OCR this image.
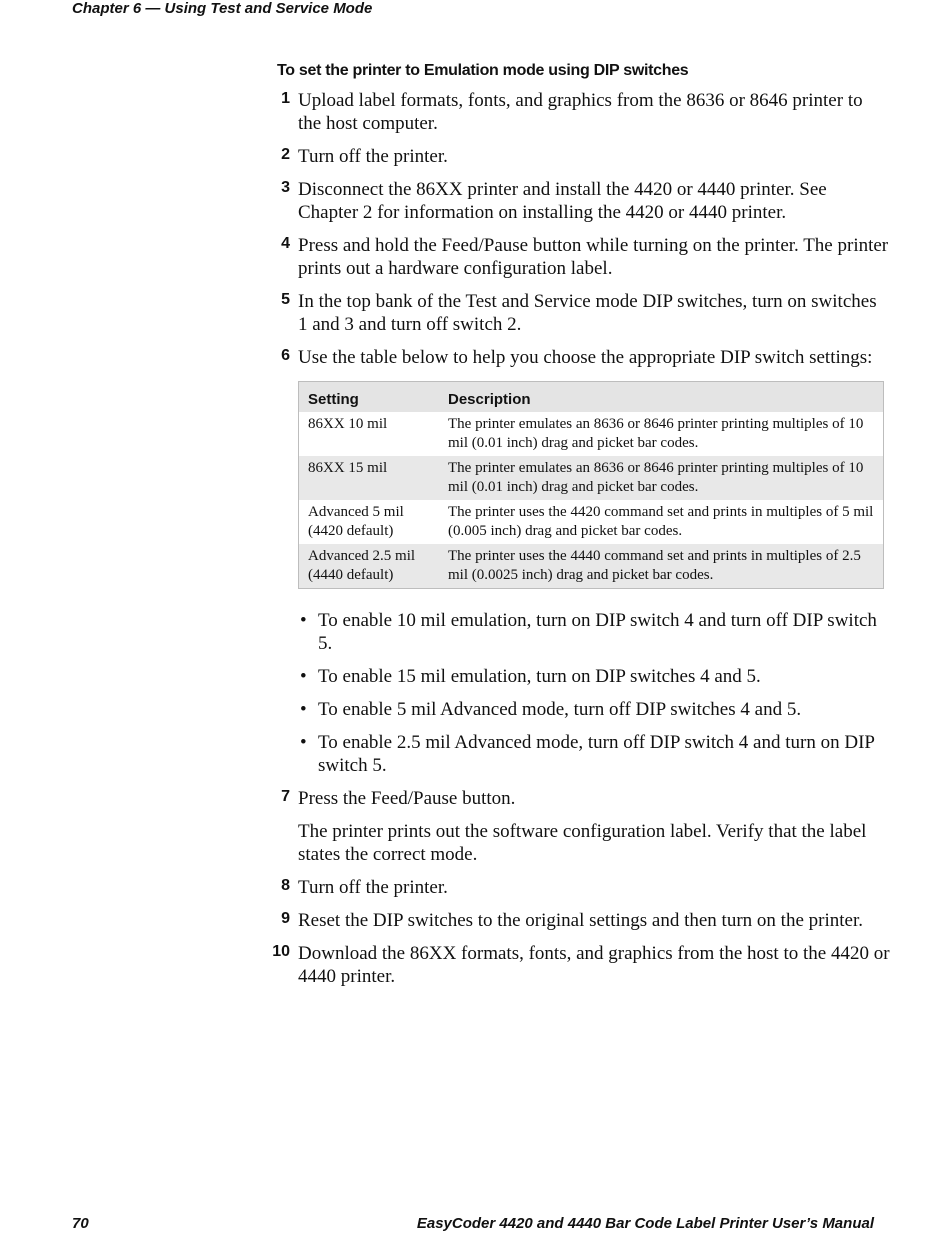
Chapter 6 — Using Test and Service Mode
To set the printer to Emulation mode using DIP switches
1 Upload label formats, fonts, and graphics from the 8636 or 8646 printer to the host computer.
2 Turn off the printer.
3 Disconnect the 86XX printer and install the 4420 or 4440 printer. See Chapter 2 for information on installing the 4420 or 4440 printer.
4 Press and hold the Feed/Pause button while turning on the printer. The printer prints out a hardware configuration label.
5 In the top bank of the Test and Service mode DIP switches, turn on switches 1 and 3 and turn off switch 2.
6 Use the table below to help you choose the appropriate DIP switch settings:
Setting	Description
86XX 10 mil	The printer emulates an 8636 or 8646 printer printing multiples of 10 mil (0.01 inch) drag and picket bar codes.
86XX 15 mil	The printer emulates an 8636 or 8646 printer printing multiples of 10 mil (0.01 inch) drag and picket bar codes.
Advanced 5 mil (4420 default)	The printer uses the 4420 command set and prints in multiples of 5 mil (0.005 inch) drag and picket bar codes.
Advanced 2.5 mil (4440 default)	The printer uses the 4440 command set and prints in multiples of 2.5 mil (0.0025 inch) drag and picket bar codes.
• To enable 10 mil emulation, turn on DIP switch 4 and turn off DIP switch 5.
• To enable 15 mil emulation, turn on DIP switches 4 and 5.
• To enable 5 mil Advanced mode, turn off DIP switches 4 and 5.
• To enable 2.5 mil Advanced mode, turn off DIP switch 4 and turn on DIP switch 5.
7 Press the Feed/Pause button.
The printer prints out the software configuration label. Verify that the label states the correct mode.
8 Turn off the printer.
9 Reset the DIP switches to the original settings and then turn on the printer.
10 Download the 86XX formats, fonts, and graphics from the host to the 4420 or 4440 printer.
70	EasyCoder 4420 and 4440 Bar Code Label Printer User’s Manual
